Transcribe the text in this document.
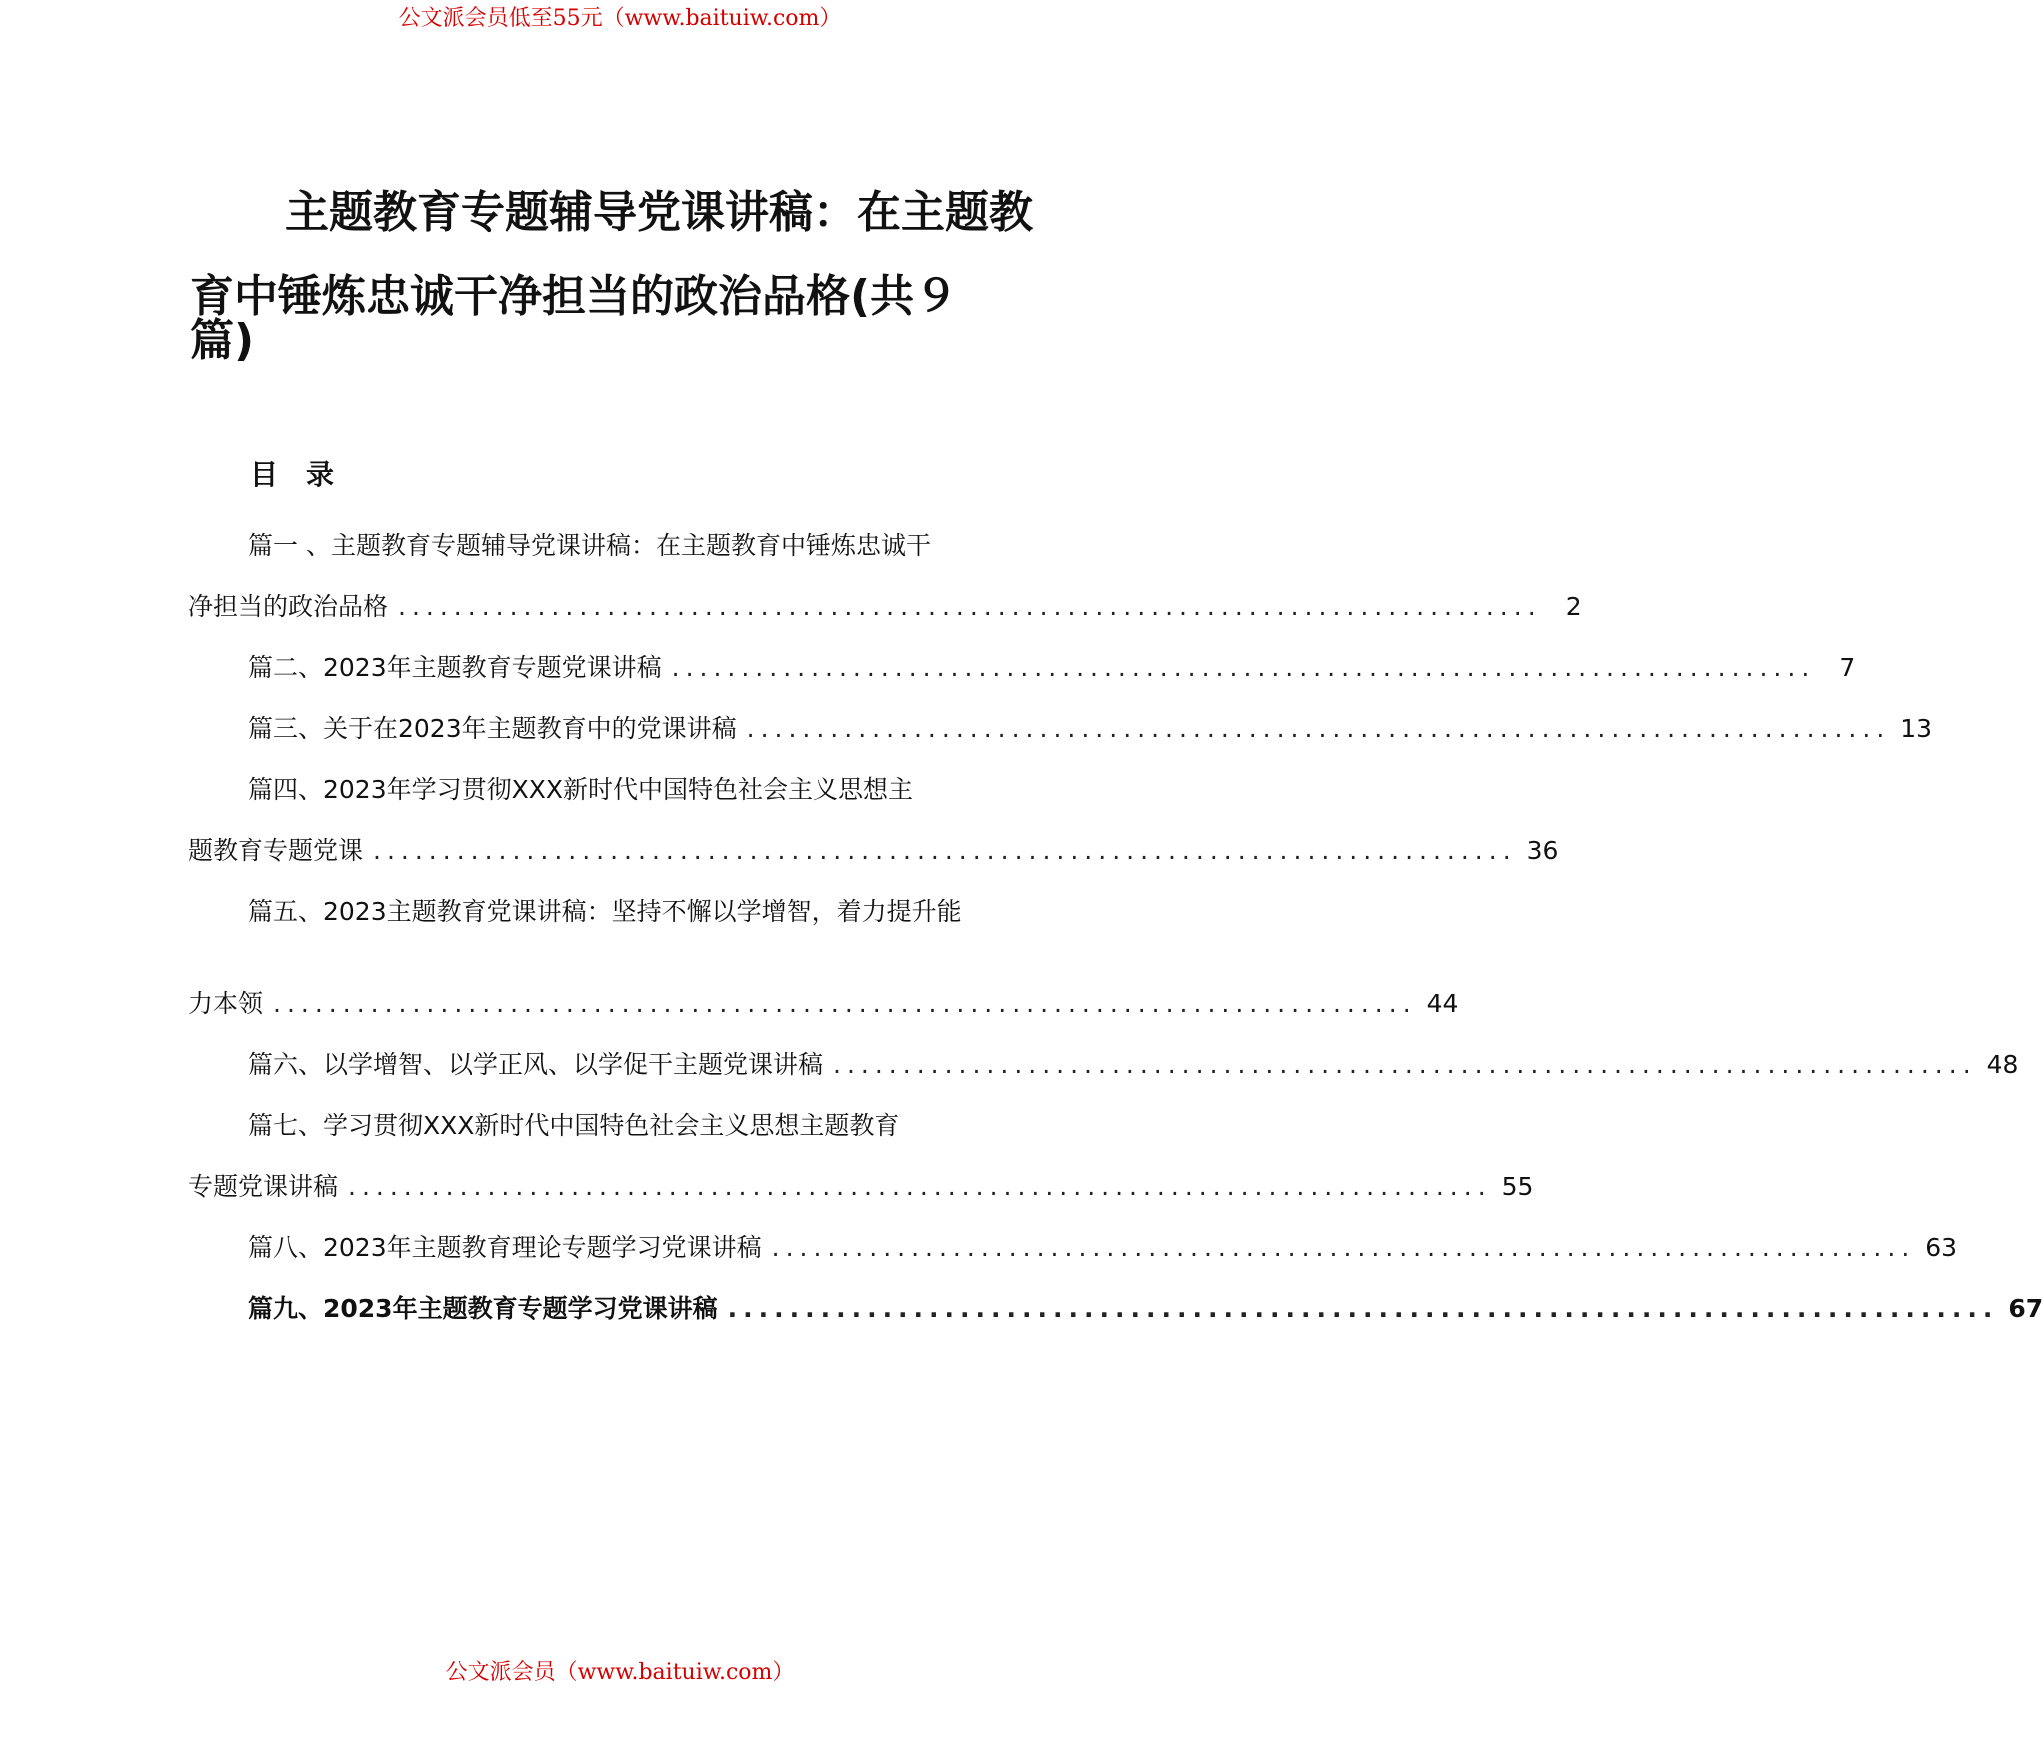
公文派会员低至55元（www.baituiw.com）
主题教育专题辅导党课讲稿：在主题教
育中锤炼忠诚干净担当的政治品格(共９
篇)
目录
篇一 、主题教育专题辅导党课讲稿：在主题教育中锤炼忠诚干
净担当的政治品格 .................................................................................. 2
篇二、2023年主题教育专题党课讲稿 .................................................................................. 7
篇三、关于在2023年主题教育中的党课讲稿 .................................................................................. 13
篇四、2023年学习贯彻XXX新时代中国特色社会主义思想主
题教育专题党课 .................................................................................. 36
篇五、2023主题教育党课讲稿：坚持不懈以学增智，着力提升能
力本领 .................................................................................. 44
篇六、以学增智、以学正风、以学促干主题党课讲稿 .................................................................................. 48
篇七、学习贯彻XXX新时代中国特色社会主义思想主题教育
专题党课讲稿 .................................................................................. 55
篇八、2023年主题教育理论专题学习党课讲稿 .................................................................................. 63
篇九、2023年主题教育专题学习党课讲稿 .................................................................................. 67
公文派会员（www.baituiw.com）
